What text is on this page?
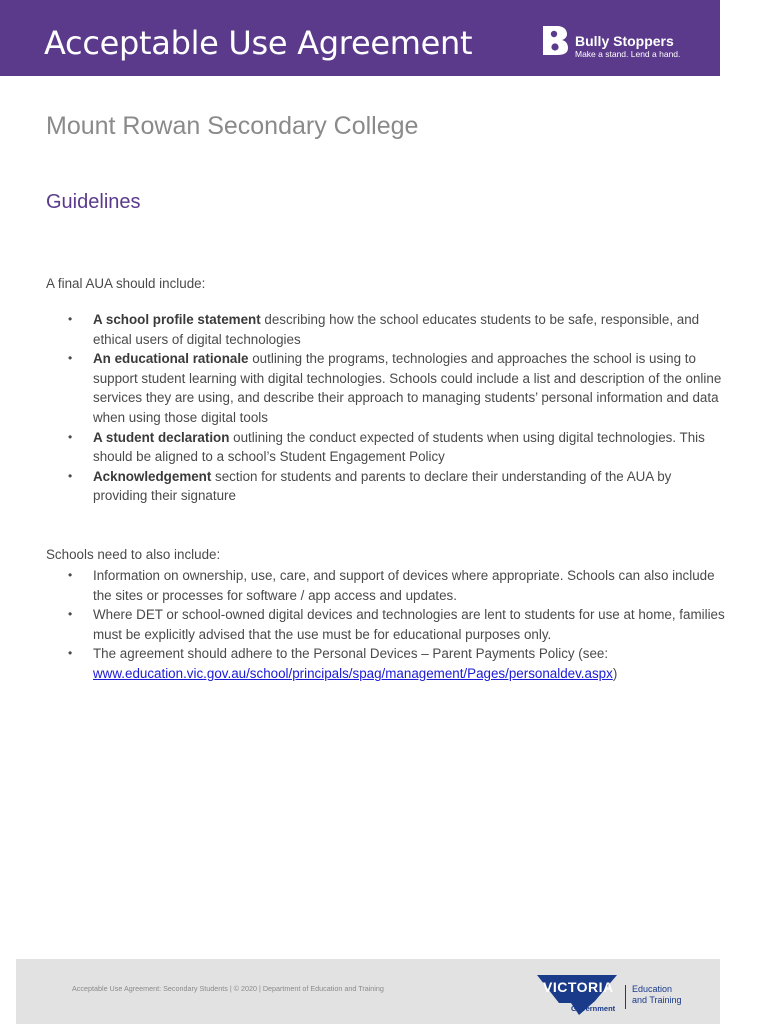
Acceptable Use Agreement	Bully Stoppers
Make a stand. Lend a hand.
Mount Rowan Secondary College
Guidelines
A final AUA should include:
• A school profile statement describing how the school educates students to be safe, responsible, and ethical users of digital technologies
• An educational rationale outlining the programs, technologies and approaches the school is using to support student learning with digital technologies. Schools could include a list and description of the online services they are using, and describe their approach to managing students’ personal information and data when using those digital tools
• A student declaration outlining the conduct expected of students when using digital technologies. This should be aligned to a school’s Student Engagement Policy
• Acknowledgement section for students and parents to declare their understanding of the AUA by providing their signature
Schools need to also include:
• Information on ownership, use, care, and support of devices where appropriate. Schools can also include the sites or processes for software / app access and updates.
• Where DET or school-owned digital devices and technologies are lent to students for use at home, families must be explicitly advised that the use must be for educational purposes only.
• The agreement should adhere to the Personal Devices – Parent Payments Policy (see: www.education.vic.gov.au/school/principals/spag/management/Pages/personaldev.aspx)
Acceptable Use Agreement: Secondary Students | © 2020 | Department of Education and Training	VICTORIA
State
Government
Education
and Training
